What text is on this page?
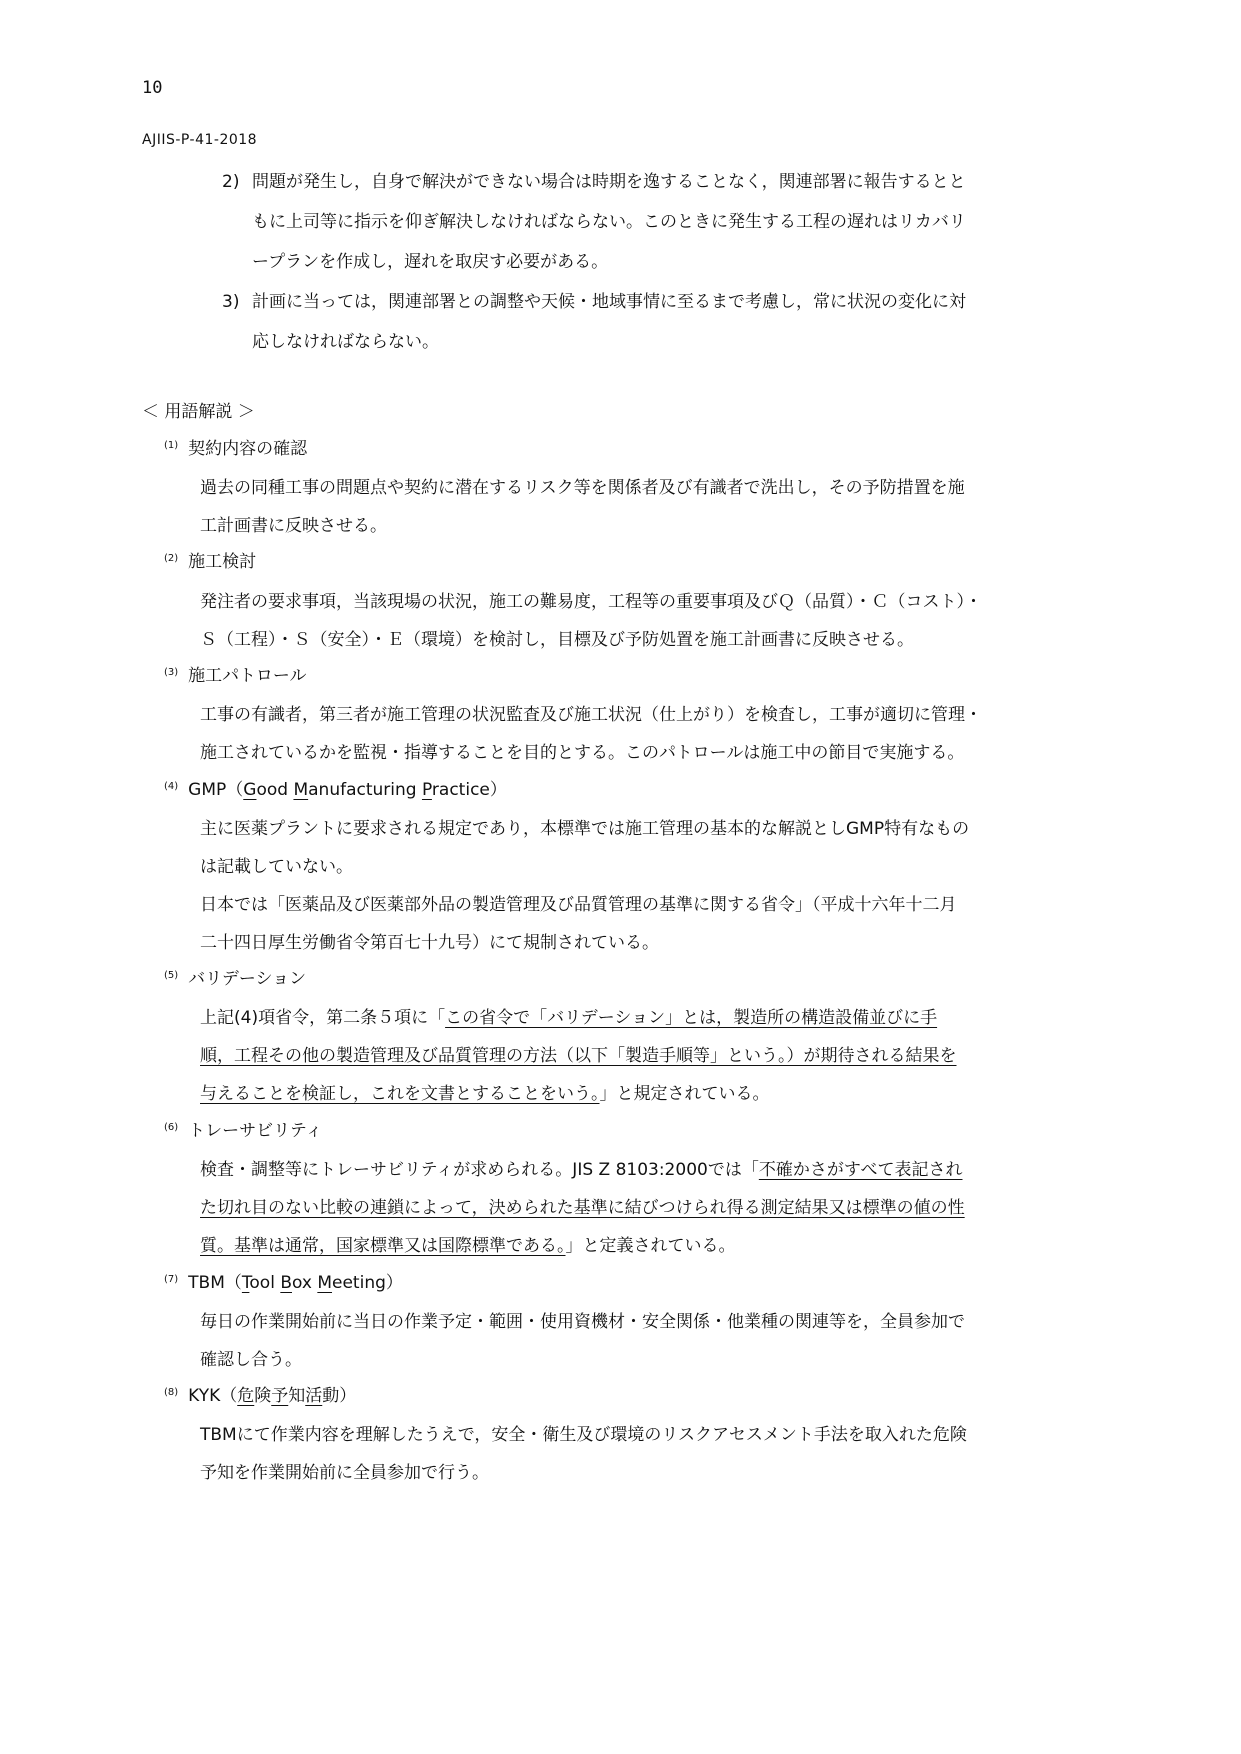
10
AJIIS-P-41-2018
2) 問題が発生し，自身で解決ができない場合は時期を逸することなく，関連部署に報告するとと
もに上司等に指示を仰ぎ解決しなければならない。このときに発生する工程の遅れはリカバリ
ープランを作成し，遅れを取戻す必要がある。
3) 計画に当っては，関連部署との調整や天候・地域事情に至るまで考慮し，常に状況の変化に対
応しなければならない。
＜ 用語解説 ＞
$^{(1)}$ 契約内容の確認
過去の同種工事の問題点や契約に潜在するリスク等を関係者及び有識者で洗出し，その予防措置を施
工計画書に反映させる。
$^{(2)}$ 施工検討
発注者の要求事項，当該現場の状況，施工の難易度，工程等の重要事項及びＱ（品質）・Ｃ（コスト）・
Ｓ（工程）・Ｓ（安全）・Ｅ（環境）を検討し，目標及び予防処置を施工計画書に反映させる。
$^{(3)}$ 施工パトロール
工事の有識者，第三者が施工管理の状況監査及び施工状況（仕上がり）を検査し，工事が適切に管理・
施工されているかを監視・指導することを目的とする。このパトロールは施工中の節目で実施する。
$^{(4)}$ GMP（Good Manufacturing Practice）
主に医薬プラントに要求される規定であり，本標準では施工管理の基本的な解説としGMP特有なもの
は記載していない。
日本では「医薬品及び医薬部外品の製造管理及び品質管理の基準に関する省令」（平成十六年十二月
二十四日厚生労働省令第百七十九号）にて規制されている。
$^{(5)}$ バリデーション
上記(4)項省令，第二条５項に「この省令で「バリデーション」とは，製造所の構造設備並びに手
順，工程その他の製造管理及び品質管理の方法（以下「製造手順等」という。）が期待される結果を
与えることを検証し，これを文書とすることをいう。」と規定されている。
$^{(6)}$ トレーサビリティ
検査・調整等にトレーサビリティが求められる。JIS Z 8103:2000では「不確かさがすべて表記され
た切れ目のない比較の連鎖によって，決められた基準に結びつけられ得る測定結果又は標準の値の性
質。基準は通常，国家標準又は国際標準である。」と定義されている。
$^{(7)}$ TBM（Tool Box Meeting）
毎日の作業開始前に当日の作業予定・範囲・使用資機材・安全関係・他業種の関連等を，全員参加で
確認し合う。
$^{(8)}$ KYK（危険予知活動）
TBMにて作業内容を理解したうえで，安全・衛生及び環境のリスクアセスメント手法を取入れた危険
予知を作業開始前に全員参加で行う。
